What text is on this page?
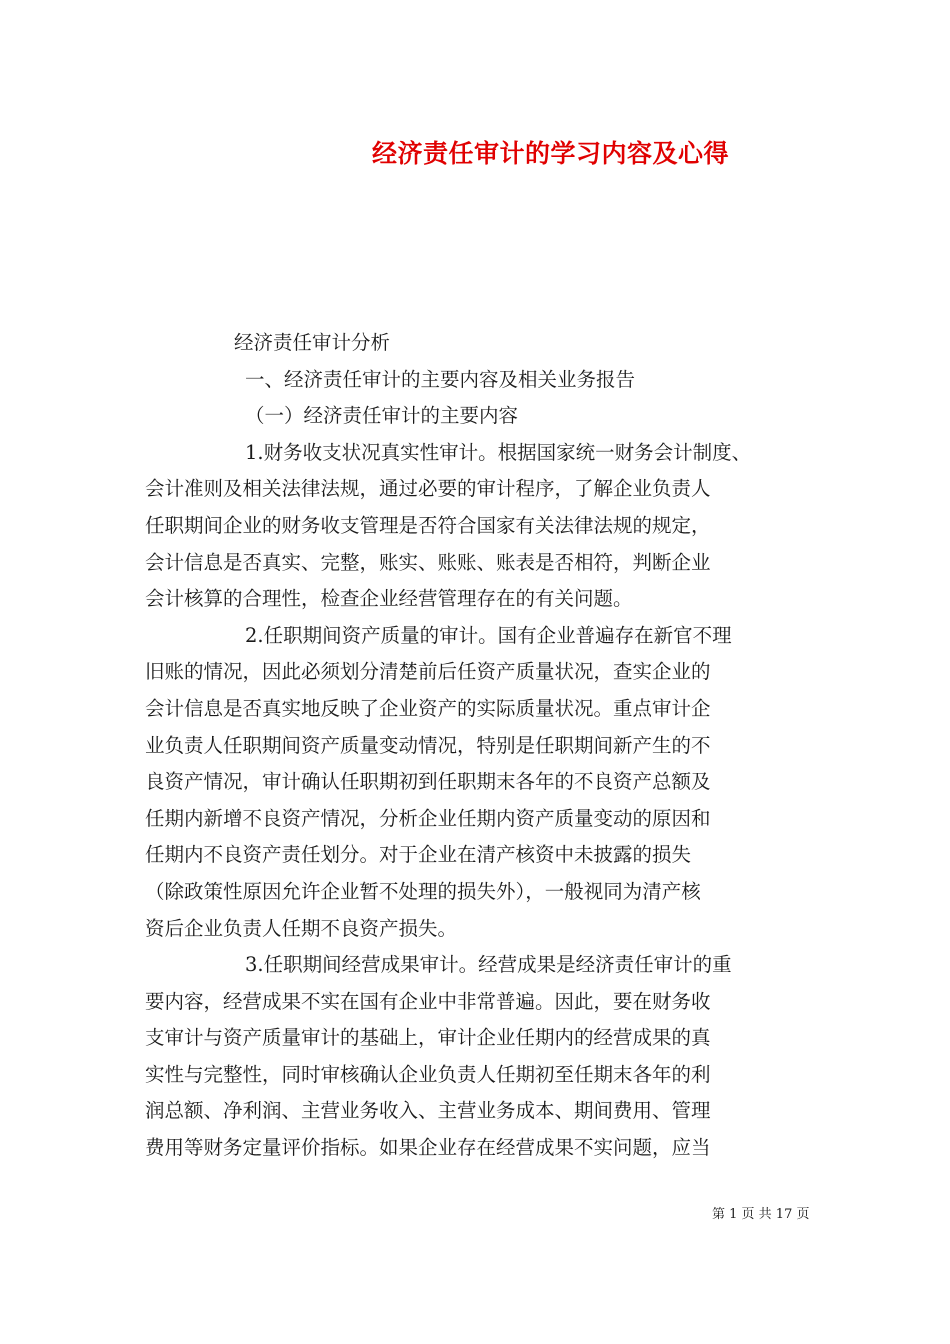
经济责任审计的学习内容及心得
经济责任审计分析
一、经济责任审计的主要内容及相关业务报告
（一）经济责任审计的主要内容
1.财务收支状况真实性审计。根据国家统一财务会计制度、
会计准则及相关法律法规，通过必要的审计程序，了解企业负责人
任职期间企业的财务收支管理是否符合国家有关法律法规的规定，
会计信息是否真实、完整，账实、账账、账表是否相符，判断企业
会计核算的合理性，检查企业经营管理存在的有关问题。
2.任职期间资产质量的审计。国有企业普遍存在新官不理
旧账的情况，因此必须划分清楚前后任资产质量状况，查实企业的
会计信息是否真实地反映了企业资产的实际质量状况。重点审计企
业负责人任职期间资产质量变动情况，特别是任职期间新产生的不
良资产情况，审计确认任职期初到任职期末各年的不良资产总额及
任期内新增不良资产情况，分析企业任期内资产质量变动的原因和
任期内不良资产责任划分。对于企业在清产核资中未披露的损失
（除政策性原因允许企业暂不处理的损失外），一般视同为清产核
资后企业负责人任期不良资产损失。
3.任职期间经营成果审计。经营成果是经济责任审计的重
要内容，经营成果不实在国有企业中非常普遍。因此，要在财务收
支审计与资产质量审计的基础上，审计企业任期内的经营成果的真
实性与完整性，同时审核确认企业负责人任期初至任期末各年的利
润总额、净利润、主营业务收入、主营业务成本、期间费用、管理
费用等财务定量评价指标。如果企业存在经营成果不实问题，应当
第 1 页 共 17 页
